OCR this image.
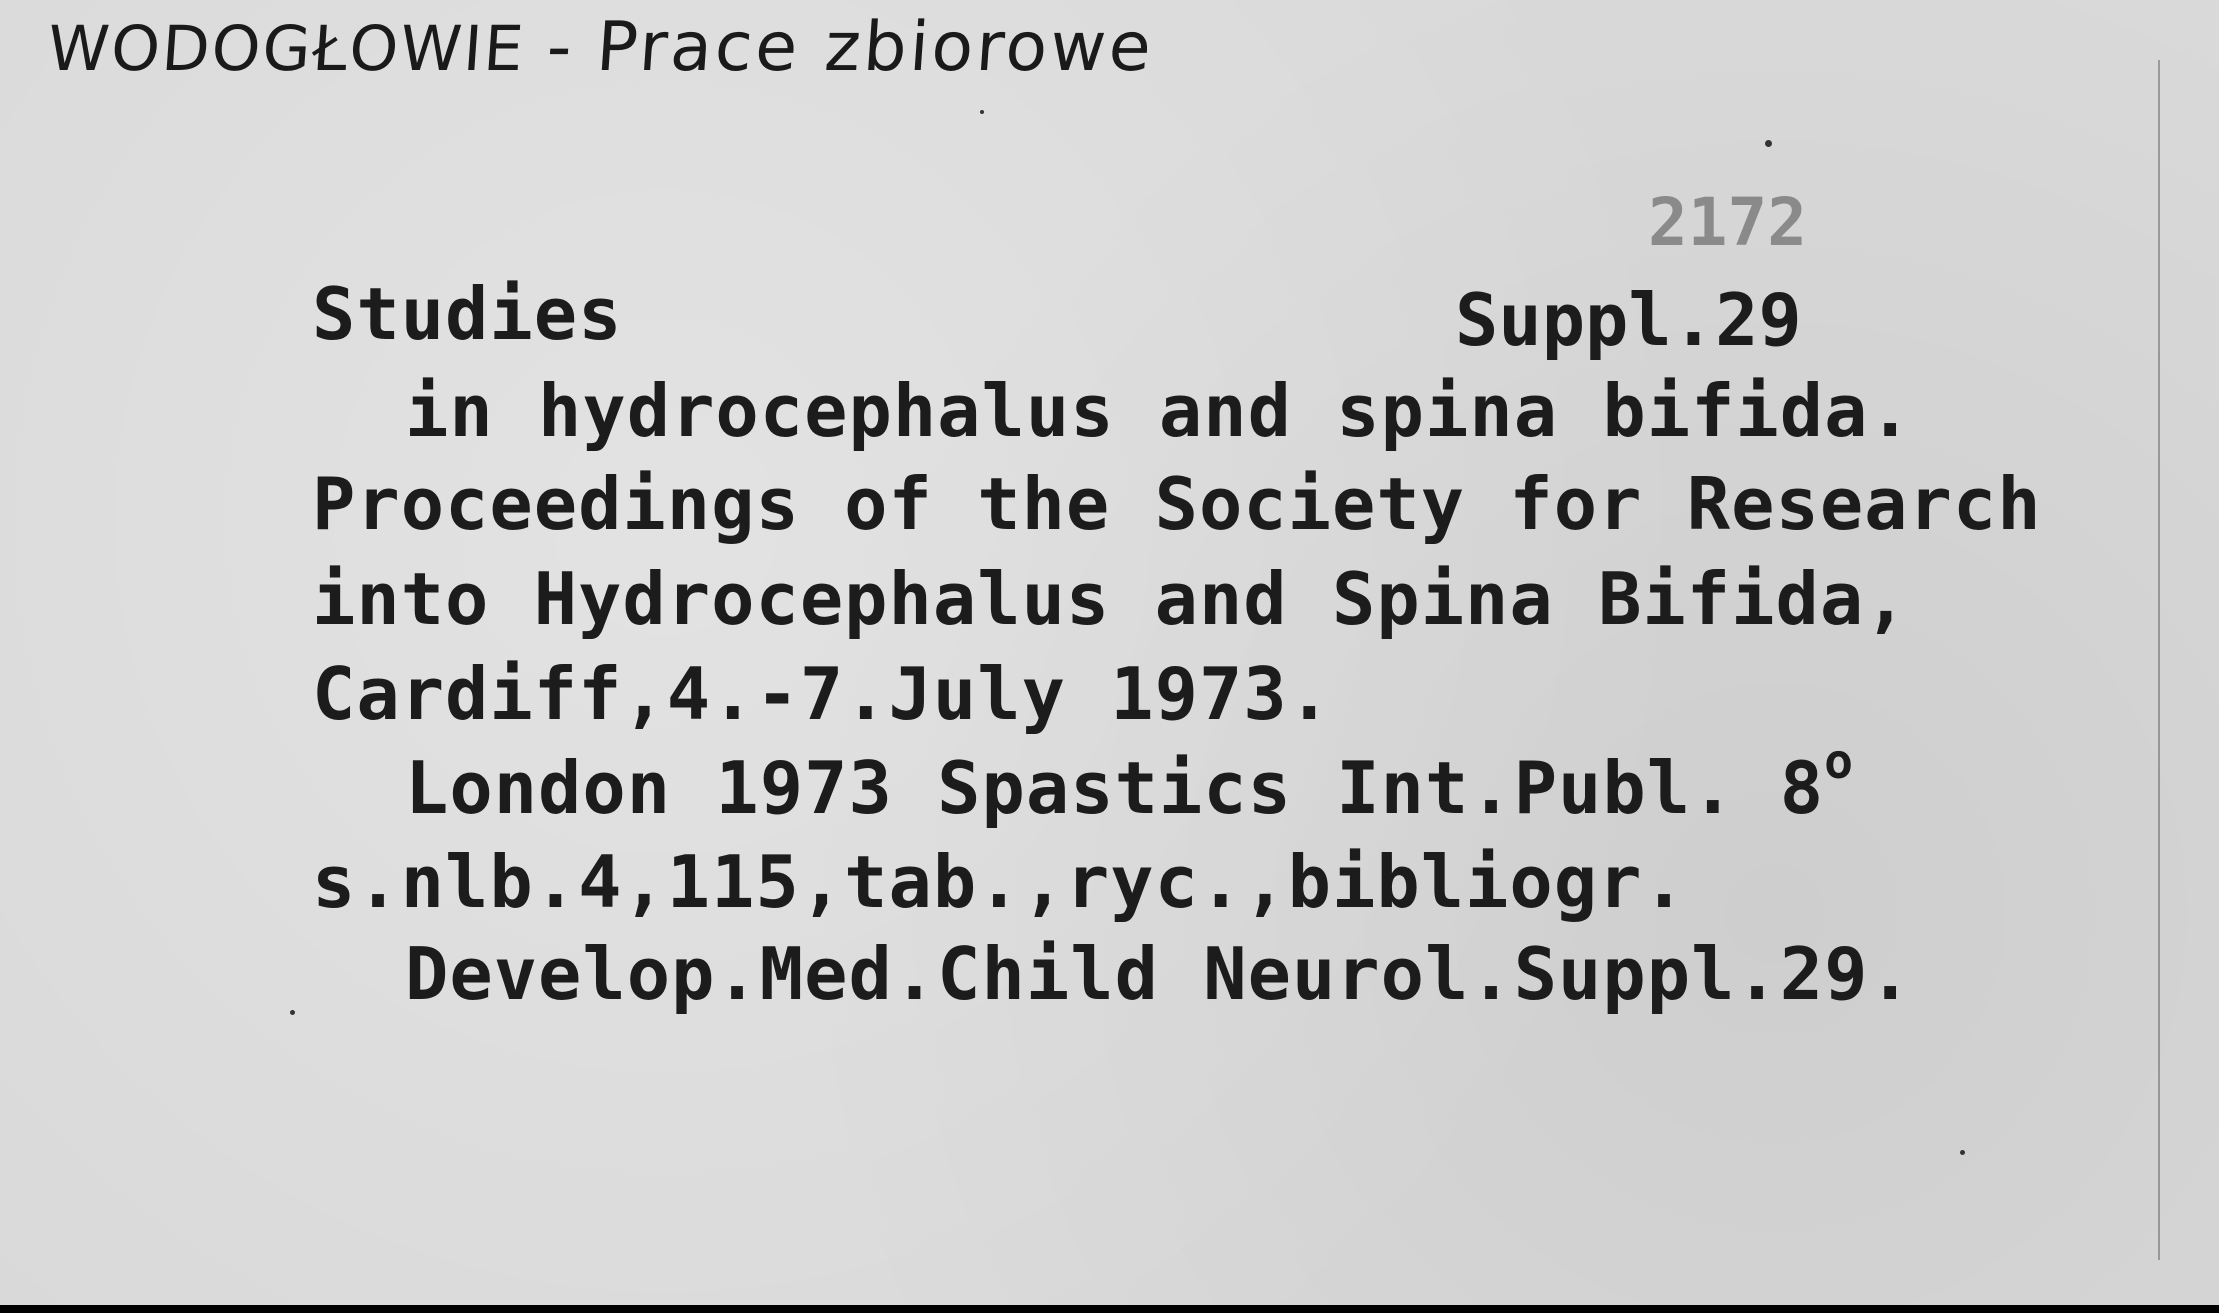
WODOGŁOWIE - Prace zbiorowe
2172
Studies	Suppl.29
in hydrocephalus and spina bifida.
Proceedings of the Society for Research
into Hydrocephalus and Spina Bifida,
Cardiff,4.-7.July 1973.
London 1973 Spastics Int.Publ. 8$^o$
s.nlb.4,115,tab.,ryc.,bibliogr.
Develop.Med.Child Neurol.Suppl.29.
